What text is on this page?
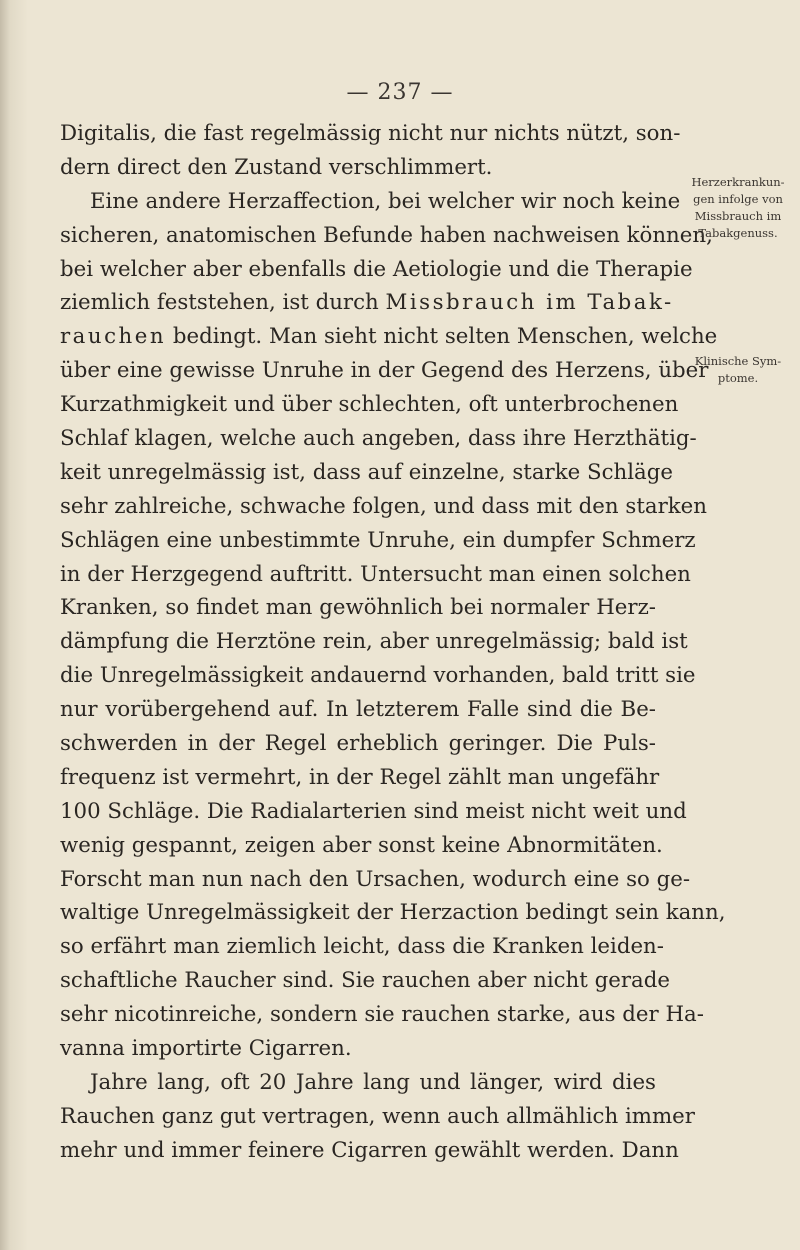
— 237 —
Digitalis, die fast regelmässig nicht nur nichts nützt, son-
dern direct den Zustand verschlimmert.
Eine andere Herzaffection, bei welcher wir noch keine
sicheren, anatomischen Befunde haben nachweisen können,
bei welcher aber ebenfalls die Aetiologie und die Therapie
ziemlich feststehen, ist durch Missbrauch im Tabak-
rauchen bedingt. Man sieht nicht selten Menschen, welche
über eine gewisse Unruhe in der Gegend des Herzens, über
Kurzathmigkeit und über schlechten, oft unterbrochenen
Schlaf klagen, welche auch angeben, dass ihre Herzthätig-
keit unregelmässig ist, dass auf einzelne, starke Schläge
sehr zahlreiche, schwache folgen, und dass mit den starken
Schlägen eine unbestimmte Unruhe, ein dumpfer Schmerz
in der Herzgegend auftritt. Untersucht man einen solchen
Kranken, so findet man gewöhnlich bei normaler Herz-
dämpfung die Herztöne rein, aber unregelmässig; bald ist
die Unregelmässigkeit andauernd vorhanden, bald tritt sie
nur vorübergehend auf. In letzterem Falle sind die Be-
schwerden in der Regel erheblich geringer. Die Puls-
frequenz ist vermehrt, in der Regel zählt man ungefähr
100 Schläge. Die Radialarterien sind meist nicht weit und
wenig gespannt, zeigen aber sonst keine Abnormitäten.
Forscht man nun nach den Ursachen, wodurch eine so ge-
waltige Unregelmässigkeit der Herzaction bedingt sein kann,
so erfährt man ziemlich leicht, dass die Kranken leiden-
schaftliche Raucher sind. Sie rauchen aber nicht gerade
sehr nicotinreiche, sondern sie rauchen starke, aus der Ha-
vanna importirte Cigarren.
Jahre lang, oft 20 Jahre lang und länger, wird dies
Rauchen ganz gut vertragen, wenn auch allmählich immer
mehr und immer feinere Cigarren gewählt werden. Dann
Herzerkrankun-
gen infolge von
Missbrauch im
Tabakgenuss.
Klinische Sym-
ptome.
